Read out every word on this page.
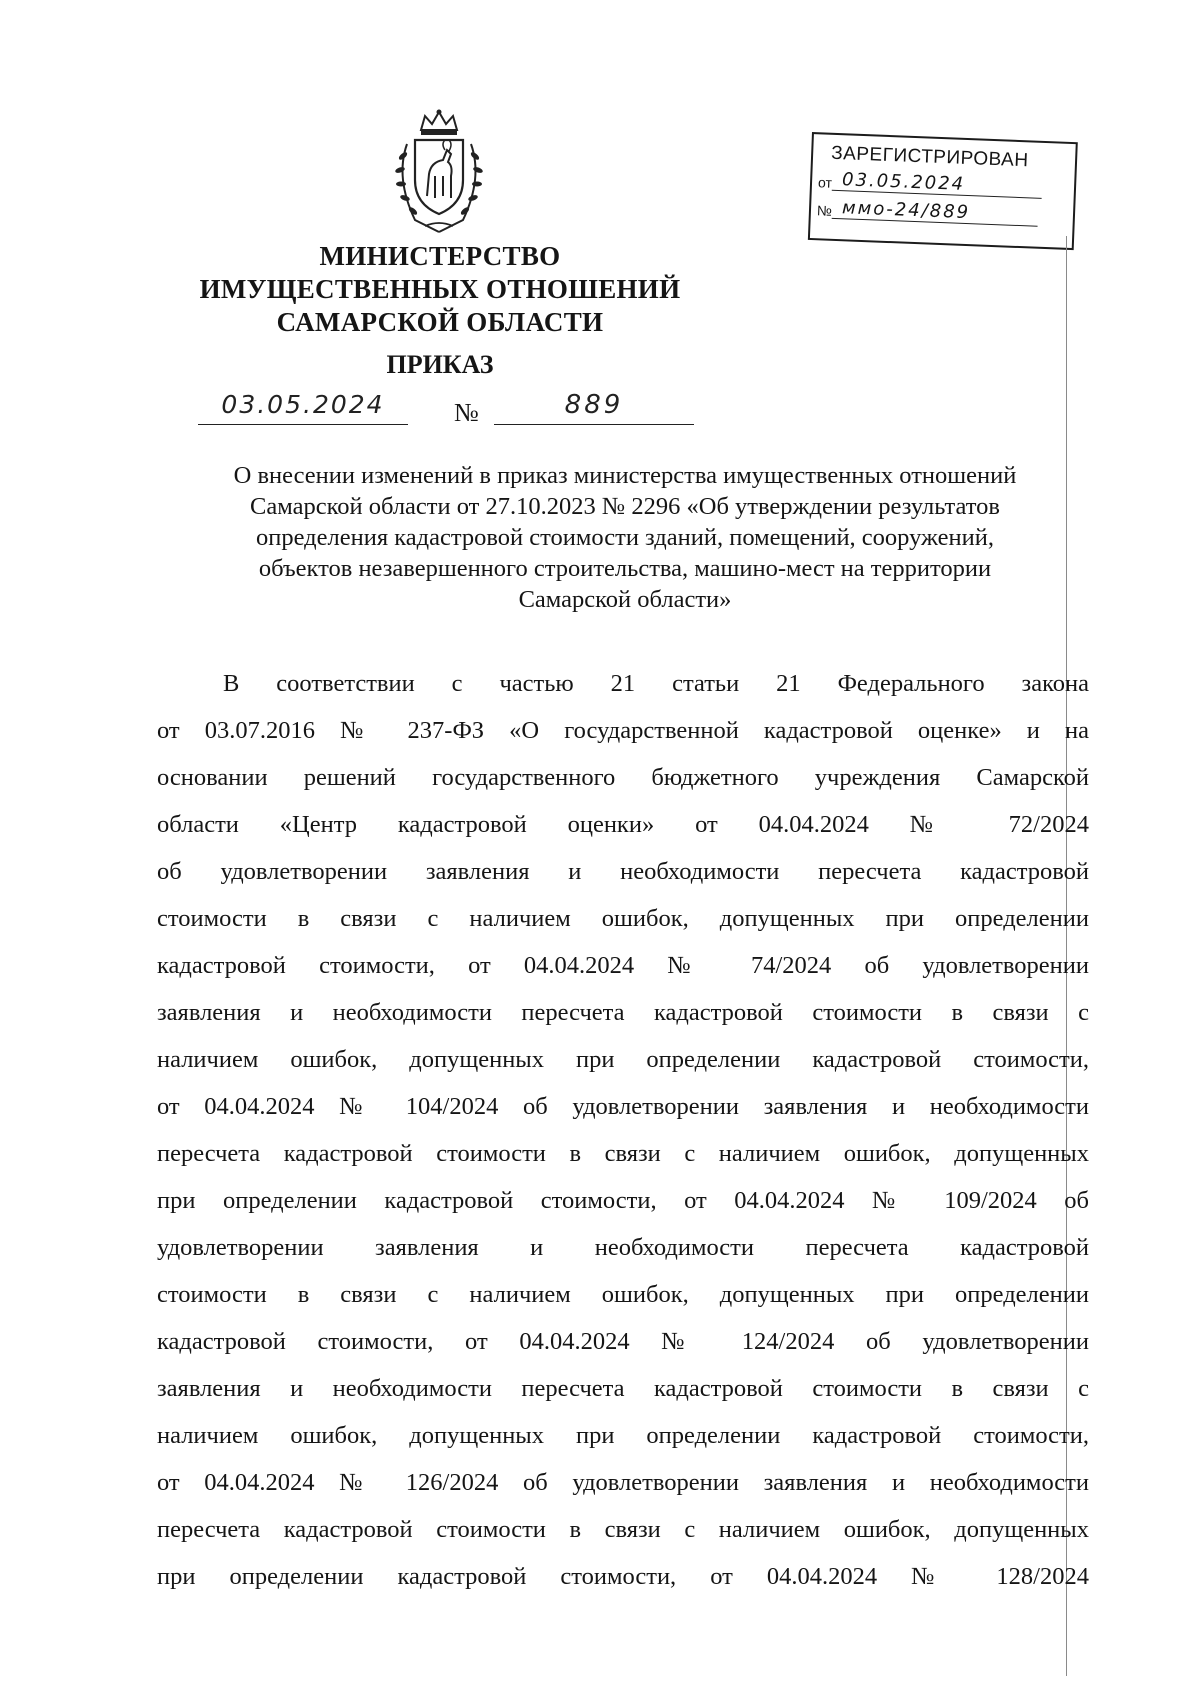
МИНИСТЕРСТВО
ИМУЩЕСТВЕННЫХ ОТНОШЕНИЙ
САМАРСКОЙ ОБЛАСТИ
ПРИКАЗ
03.05.2024	№	889
ЗАРЕГИСТРИРОВАН
от 03.05.2024
№ ммо-24/889
О внесении изменений в приказ министерства имущественных отношений
Самарской области от 27.10.2023 № 2296 «Об утверждении результатов
определения кадастровой стоимости зданий, помещений, сооружений,
объектов незавершенного строительства, машино-мест на территории
Самарской области»
В соответствии с частью 21 статьи 21 Федерального закона
от 03.07.2016 № 237-ФЗ «О государственной кадастровой оценке» и на
основании решений государственного бюджетного учреждения Самарской
области «Центр кадастровой оценки» от 04.04.2024 № 72/2024
об удовлетворении заявления и необходимости пересчета кадастровой
стоимости в связи с наличием ошибок, допущенных при определении
кадастровой стоимости, от 04.04.2024 № 74/2024 об удовлетворении
заявления и необходимости пересчета кадастровой стоимости в связи с
наличием ошибок, допущенных при определении кадастровой стоимости,
от 04.04.2024 № 104/2024 об удовлетворении заявления и необходимости
пересчета кадастровой стоимости в связи с наличием ошибок, допущенных
при определении кадастровой стоимости, от 04.04.2024 № 109/2024 об
удовлетворении заявления и необходимости пересчета кадастровой
стоимости в связи с наличием ошибок, допущенных при определении
кадастровой стоимости, от 04.04.2024 № 124/2024 об удовлетворении
заявления и необходимости пересчета кадастровой стоимости в связи с
наличием ошибок, допущенных при определении кадастровой стоимости,
от 04.04.2024 № 126/2024 об удовлетворении заявления и необходимости
пересчета кадастровой стоимости в связи с наличием ошибок, допущенных
при определении кадастровой стоимости, от 04.04.2024 № 128/2024
